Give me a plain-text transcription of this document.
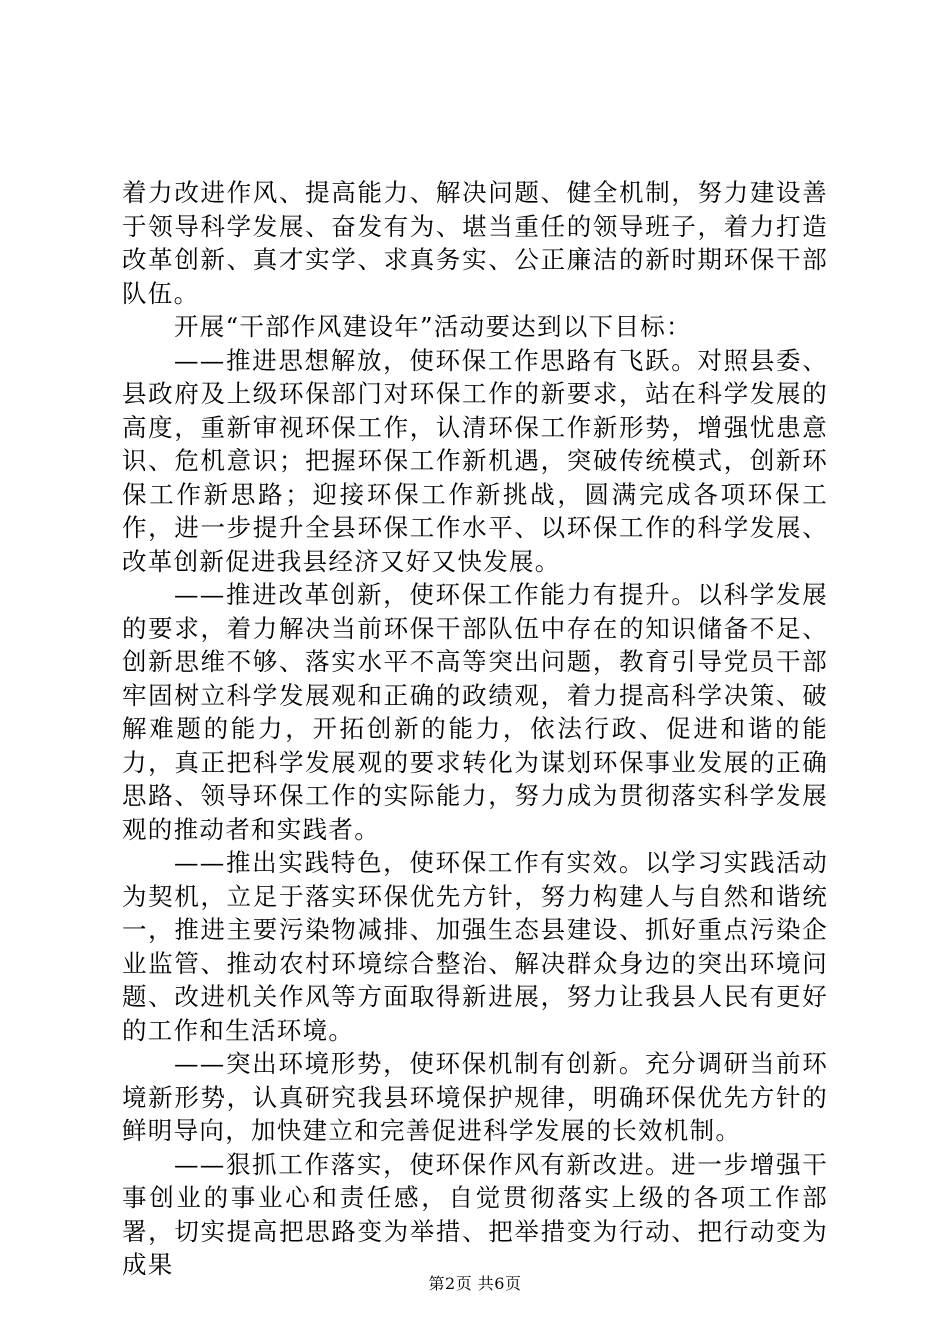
着力改进作风、提高能力、解决问题、健全机制，努力建设善于领导科学发展、奋发有为、堪当重任的领导班子，着力打造改革创新、真才实学、求真务实、公正廉洁的新时期环保干部队伍。

开展“干部作风建设年”活动要达到以下目标：

——推进思想解放，使环保工作思路有飞跃。对照县委、县政府及上级环保部门对环保工作的新要求，站在科学发展的高度，重新审视环保工作，认清环保工作新形势，增强忧患意识、危机意识；把握环保工作新机遇，突破传统模式，创新环保工作新思路；迎接环保工作新挑战，圆满完成各项环保工作，进一步提升全县环保工作水平、以环保工作的科学发展、改革创新促进我县经济又好又快发展。

——推进改革创新，使环保工作能力有提升。以科学发展的要求，着力解决当前环保干部队伍中存在的知识储备不足、创新思维不够、落实水平不高等突出问题，教育引导党员干部牢固树立科学发展观和正确的政绩观，着力提高科学决策、破解难题的能力，开拓创新的能力，依法行政、促进和谐的能力，真正把科学发展观的要求转化为谋划环保事业发展的正确思路、领导环保工作的实际能力，努力成为贯彻落实科学发展观的推动者和实践者。

——推出实践特色，使环保工作有实效。以学习实践活动为契机，立足于落实环保优先方针，努力构建人与自然和谐统一，推进主要污染物减排、加强生态县建设、抓好重点污染企业监管、推动农村环境综合整治、解决群众身边的突出环境问题、改进机关作风等方面取得新进展，努力让我县人民有更好的工作和生活环境。

——突出环境形势，使环保机制有创新。充分调研当前环境新形势，认真研究我县环境保护规律，明确环保优先方针的鲜明导向，加快建立和完善促进科学发展的长效机制。

——狠抓工作落实，使环保作风有新改进。进一步增强干事创业的事业心和责任感，自觉贯彻落实上级的各项工作部署，切实提高把思路变为举措、把举措变为行动、把行动变为成果

第2页 共6页
